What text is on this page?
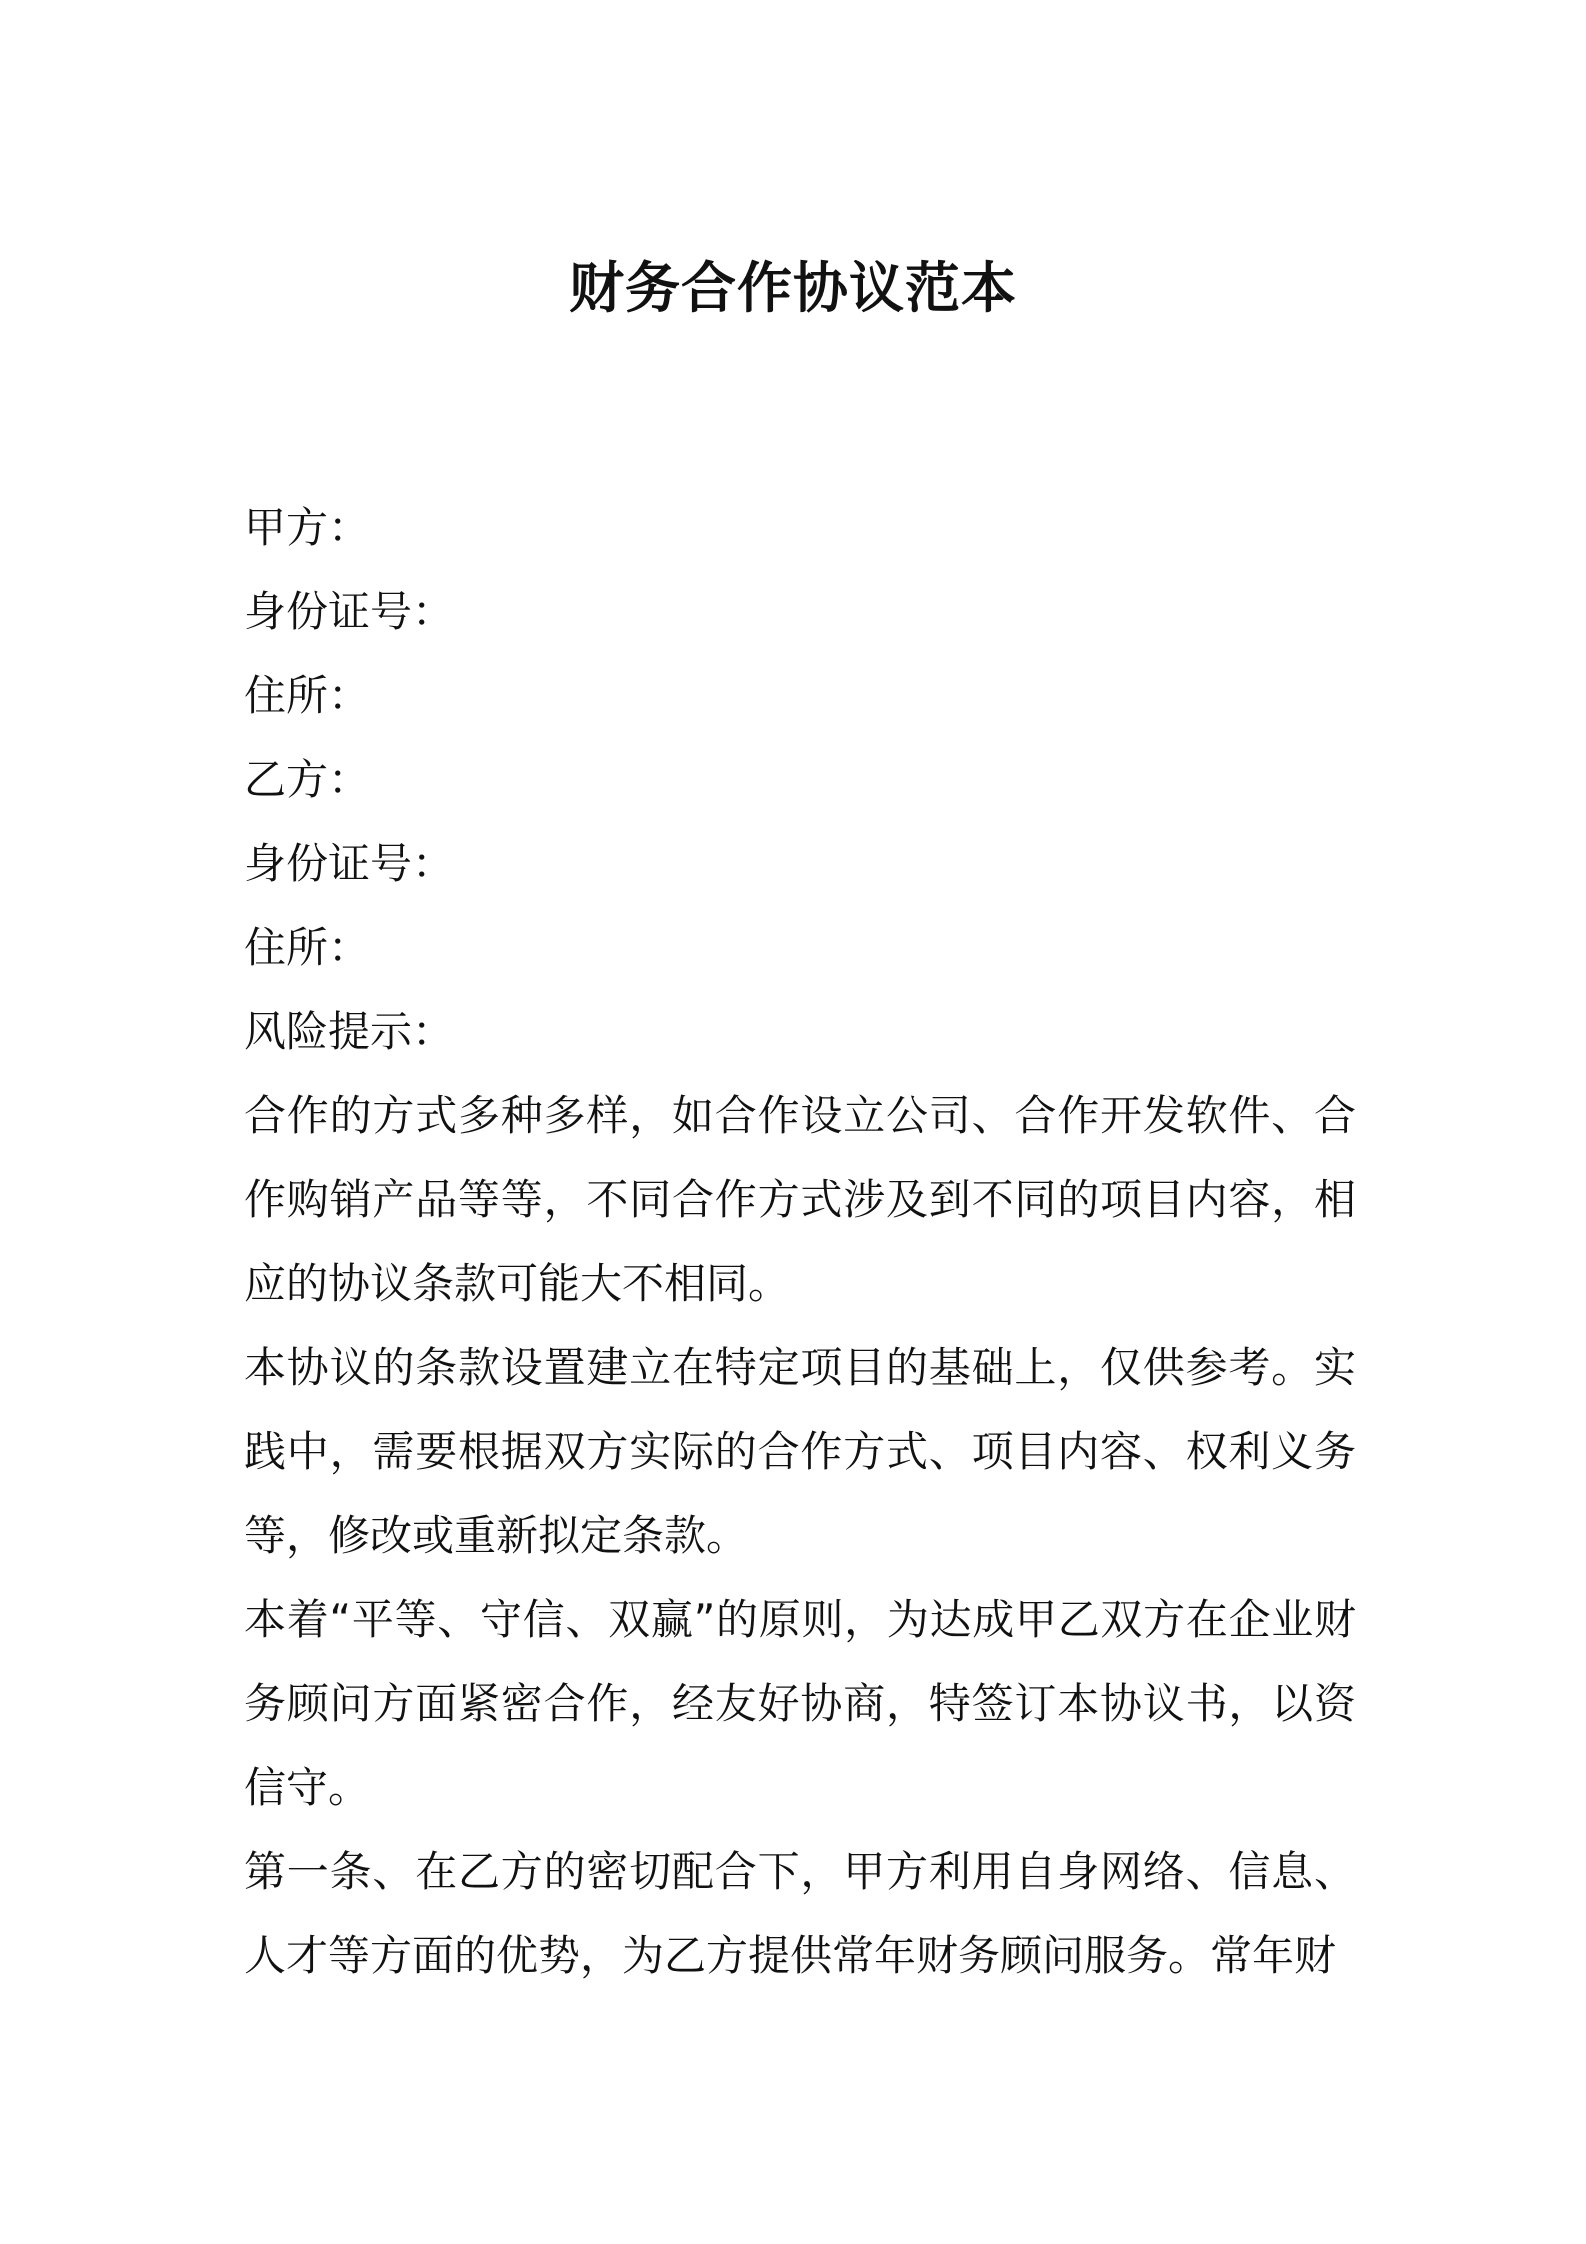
财务合作协议范本
甲方：
身份证号：
住所：
乙方：
身份证号：
住所：
风险提示：

合作的方式多种多样，如合作设立公司、合作开发软件、合作购销产品等等，不同合作方式涉及到不同的项目内容，相应的协议条款可能大不相同。

本协议的条款设置建立在特定项目的基础上，仅供参考。实践中，需要根据双方实际的合作方式、项目内容、权利义务等，修改或重新拟定条款。

本着“平等、守信、双赢”的原则，为达成甲乙双方在企业财务顾问方面紧密合作，经友好协商，特签订本协议书，以资信守。

第一条、在乙方的密切配合下，甲方利用自身网络、信息、人才等方面的优势，为乙方提供常年财务顾问服务。常年财
